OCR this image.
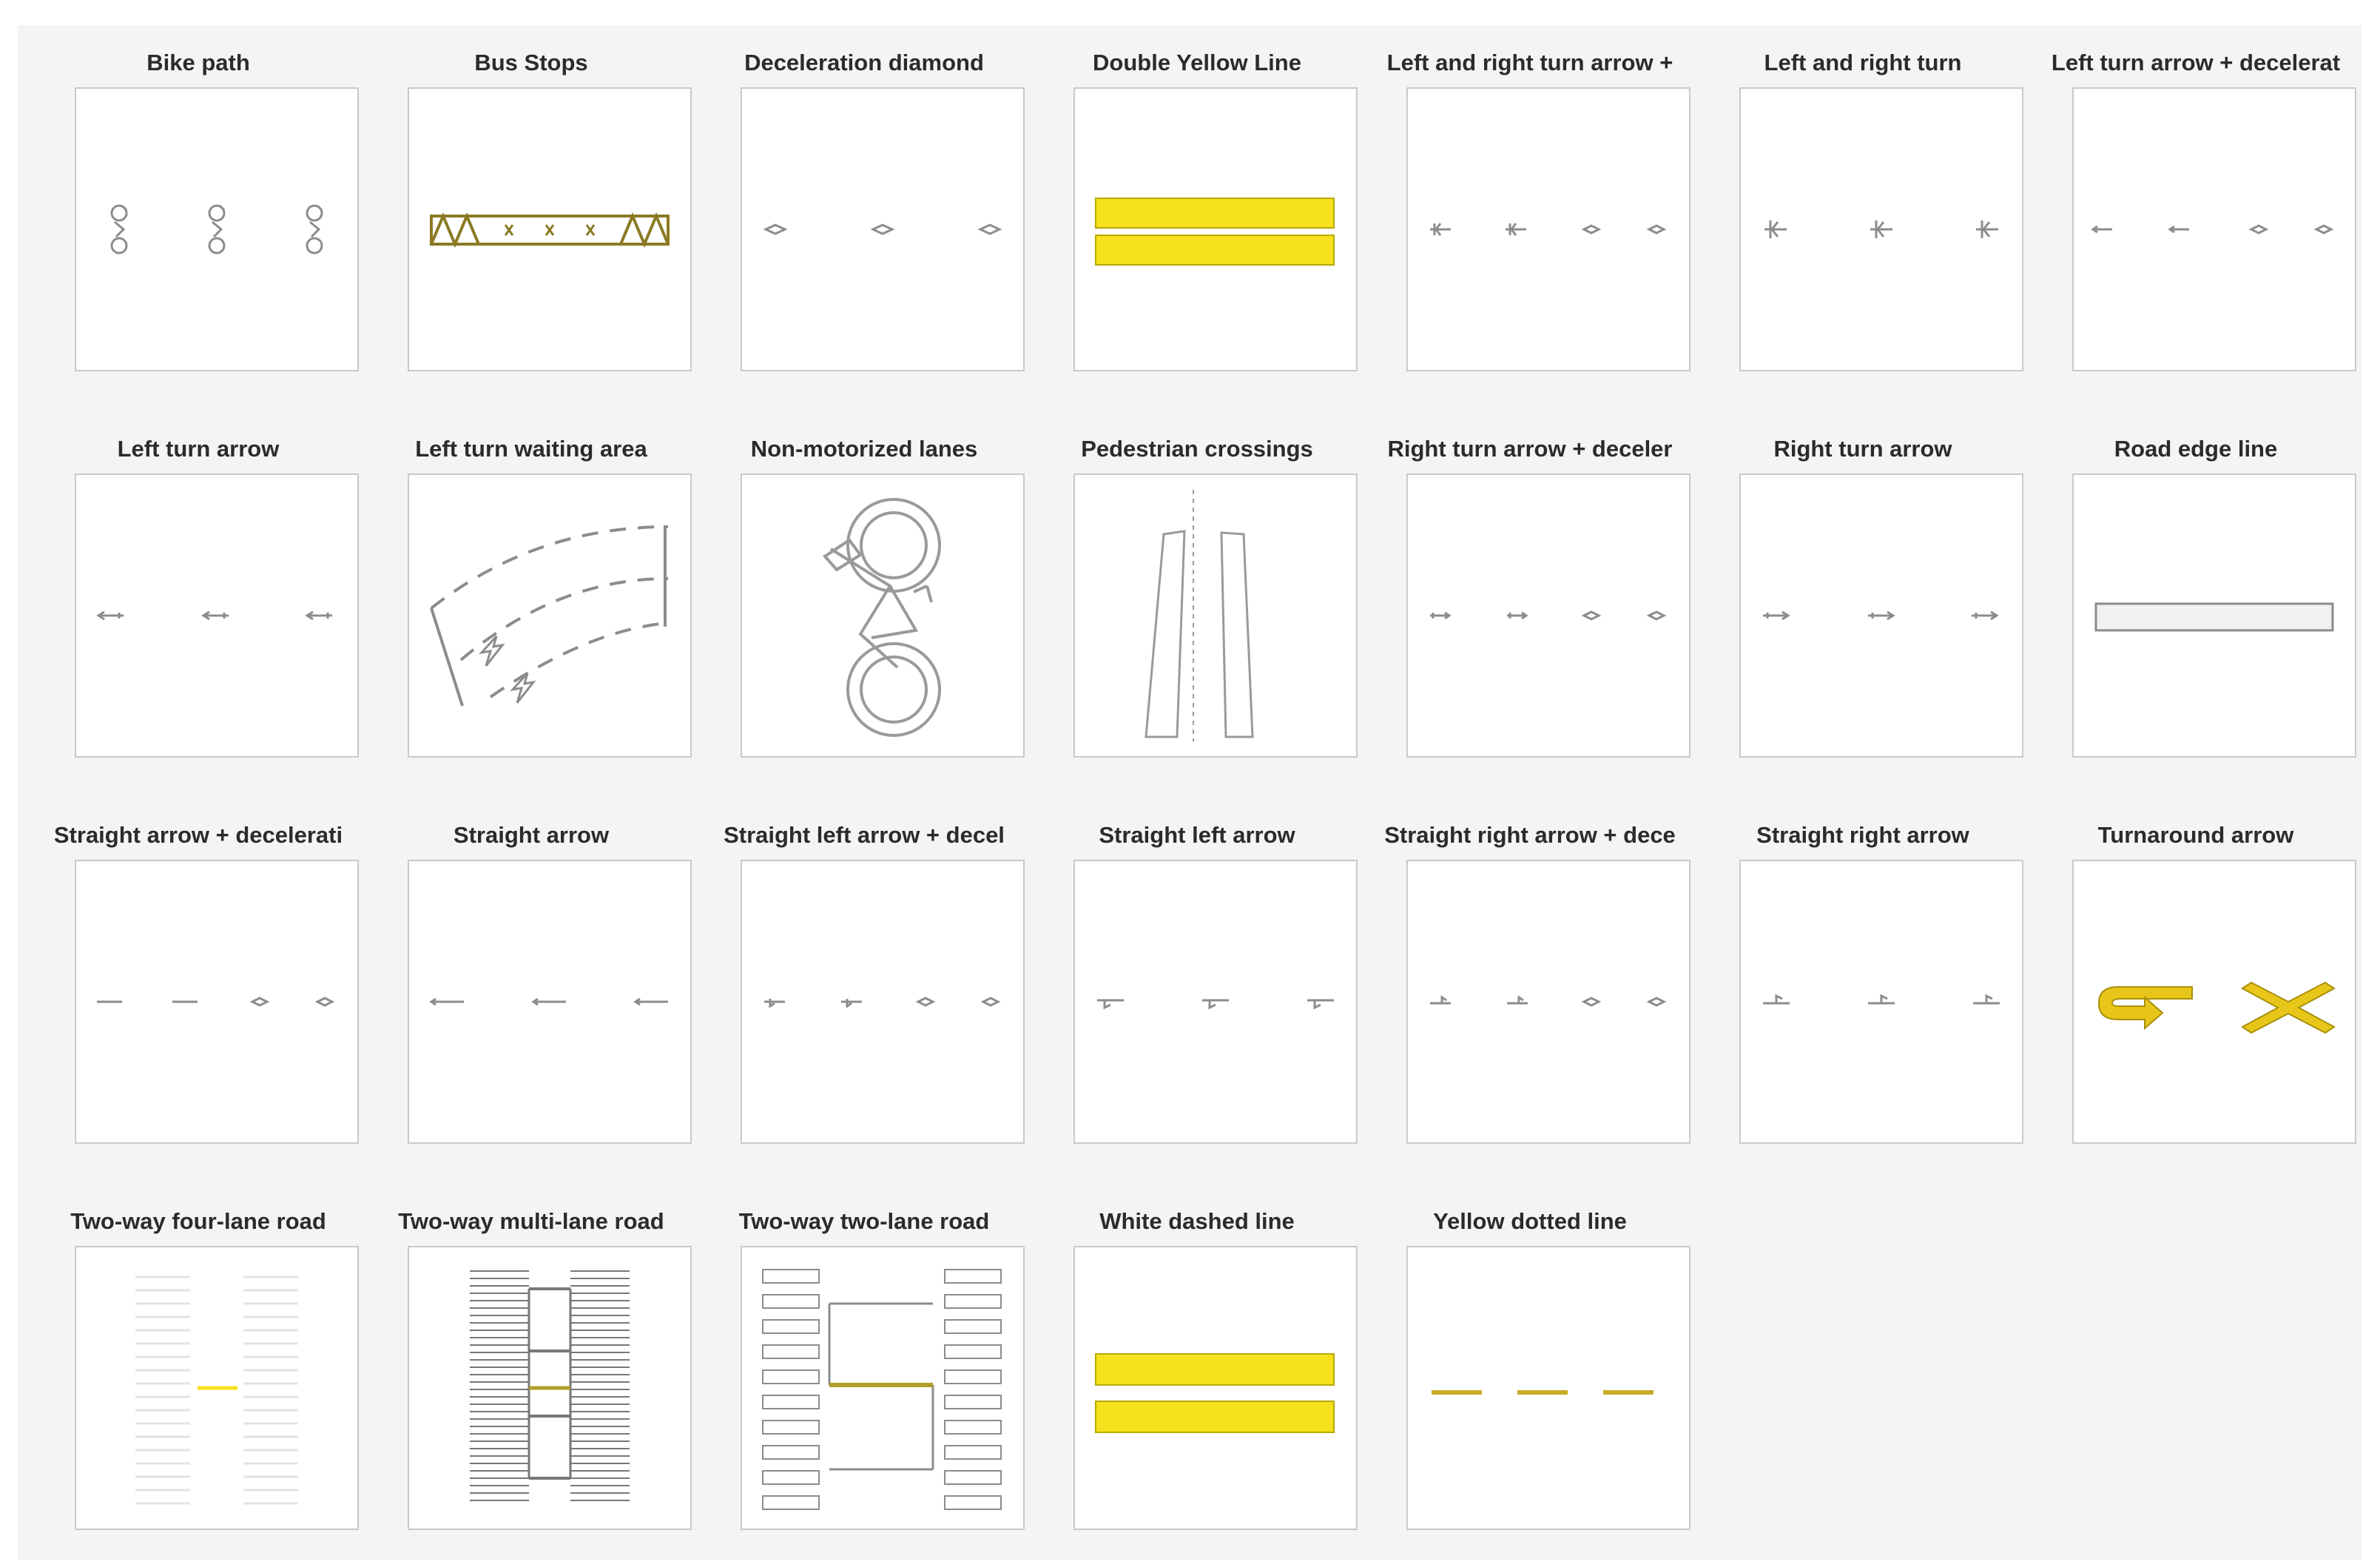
Bike path	Bus Stops	Deceleration diamond	Double Yellow Line	Left and right turn arrow +	Left and right turn	Left turn arrow + decelerat
Left turn arrow	Left turn waiting area	Non-motorized lanes	Pedestrian crossings	Right turn arrow + deceler	Right turn arrow	Road edge line
Straight arrow + decelerati	Straight arrow	Straight left arrow + decel	Straight left arrow	Straight right arrow + dece	Straight right arrow	Turnaround arrow
Two-way four-lane road	Two-way multi-lane road	Two-way two-lane road	White dashed line	Yellow dotted line
